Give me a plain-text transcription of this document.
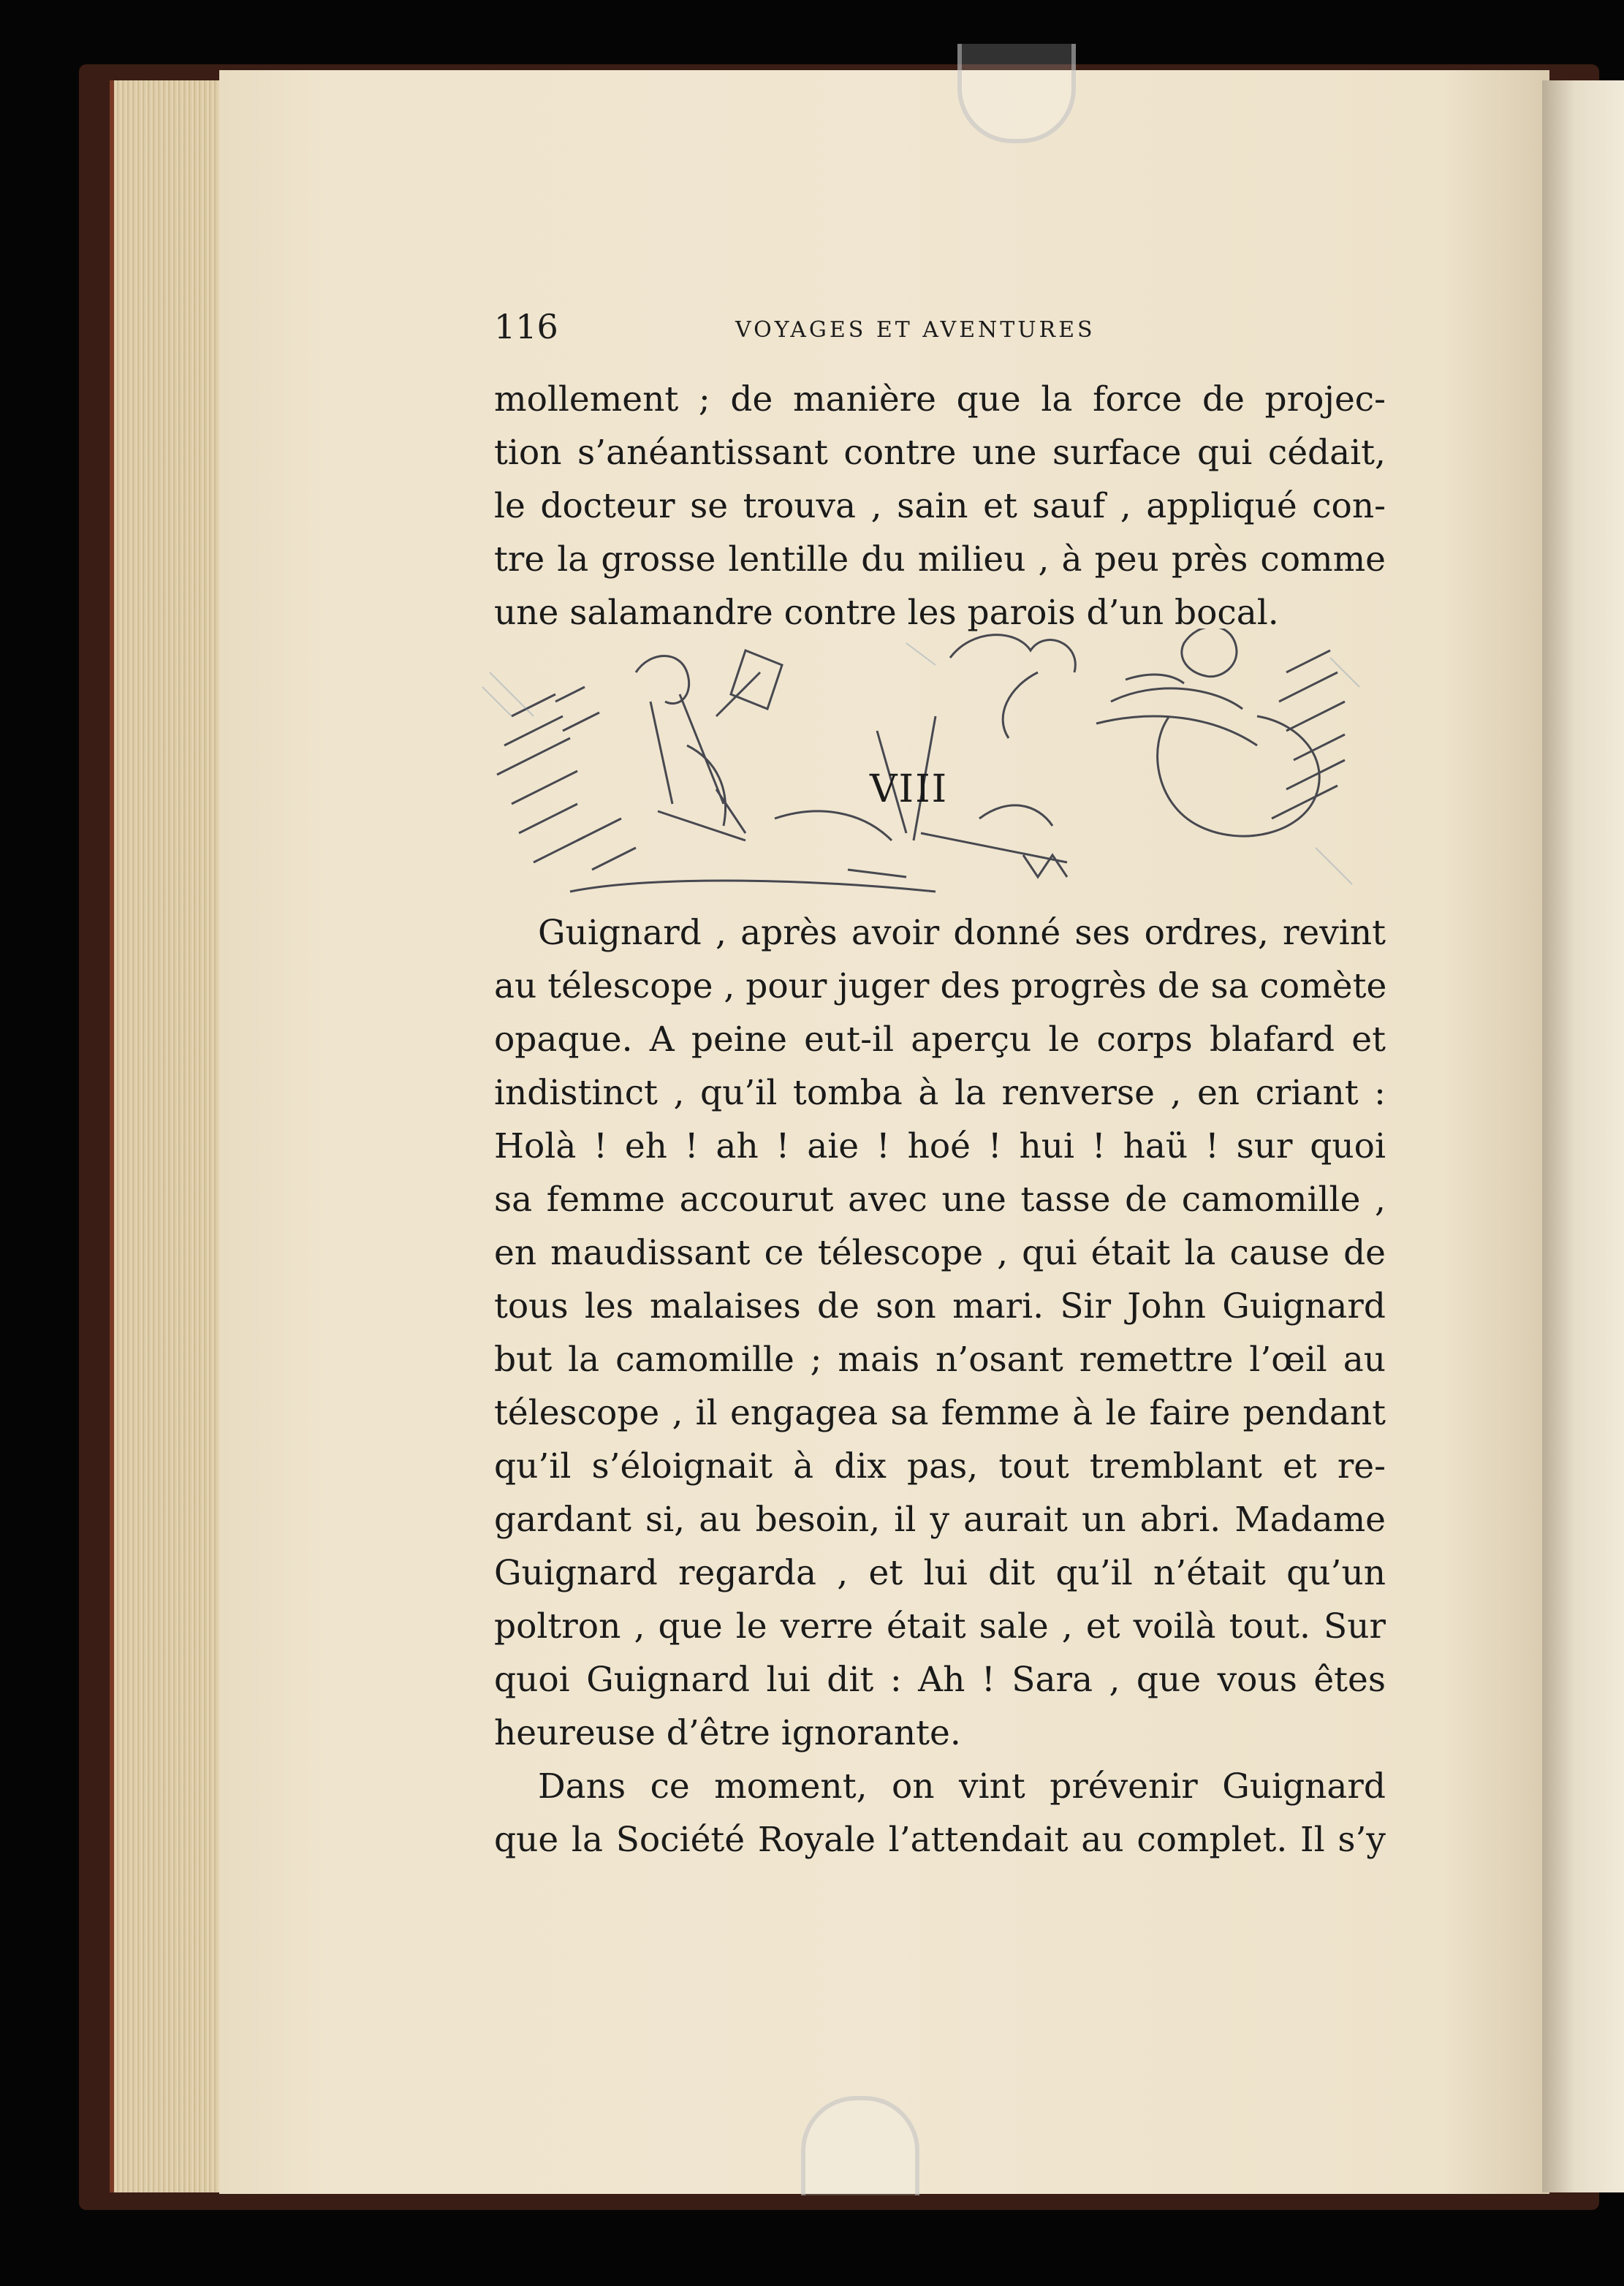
116	VOYAGES ET AVENTURES
mollement ; de manière que la force de projec-
tion s’anéantissant contre une surface qui cédait,
le docteur se trouva , sain et sauf , appliqué con-
tre la grosse lentille du milieu , à peu près comme
une salamandre contre les parois d’un bocal.
VIII
Guignard , après avoir donné ses ordres, revint
au télescope , pour juger des progrès de sa comète
opaque. A peine eut-il aperçu le corps blafard et
indistinct , qu’il tomba à la renverse , en criant :
Holà ! eh ! ah ! aie ! hoé ! hui ! haü ! sur quoi
sa femme accourut avec une tasse de camomille ,
en maudissant ce télescope , qui était la cause de
tous les malaises de son mari. Sir John Guignard
but la camomille ; mais n’osant remettre l’œil au
télescope , il engagea sa femme à le faire pendant
qu’il s’éloignait à dix pas, tout tremblant et re-
gardant si, au besoin, il y aurait un abri. Madame
Guignard regarda , et lui dit qu’il n’était qu’un
poltron , que le verre était sale , et voilà tout. Sur
quoi Guignard lui dit : Ah ! Sara , que vous êtes
heureuse d’être ignorante.
Dans ce moment, on vint prévenir Guignard
que la Société Royale l’attendait au complet. Il s’y
